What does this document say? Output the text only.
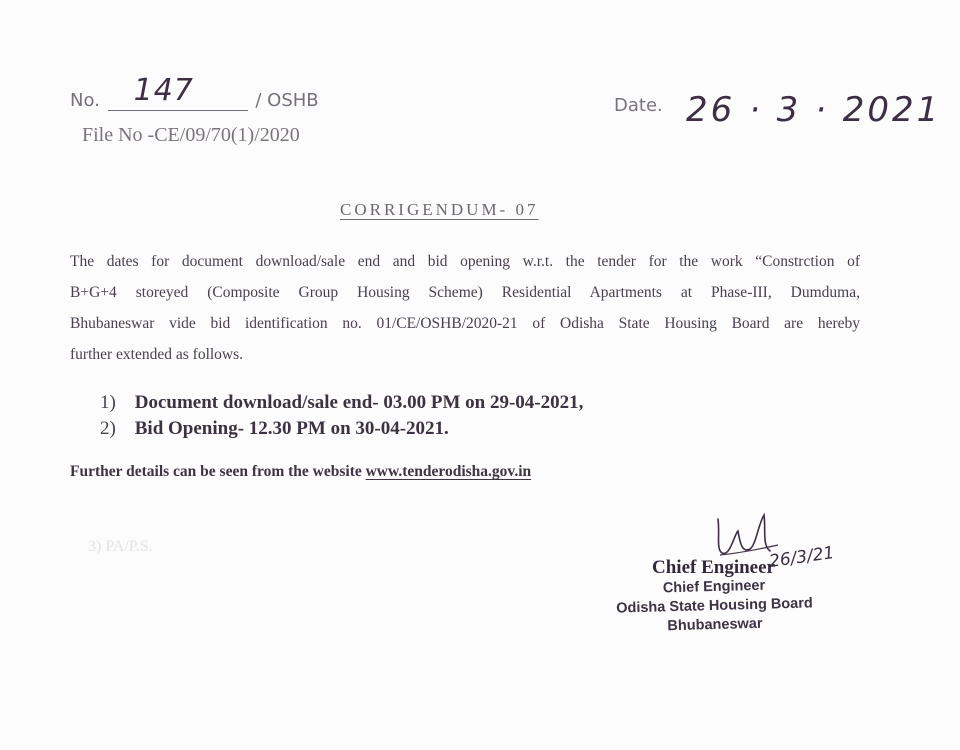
No. 147	/ OSHB
File No -CE/09/70(1)/2020
Date. 26 · 3 · 2021
CORRIGENDUM- 07

The dates for document download/sale end and bid opening w.r.t. the tender for the work “Constrction of
B+G+4 storeyed (Composite Group Housing Scheme) Residential Apartments at Phase-III, Dumduma,
Bhubaneswar vide bid identification no. 01/CE/OSHB/2020-21 of Odisha State Housing Board are hereby
further extended as follows.

1) Document download/sale end- 03.00 PM on 29-04-2021,
2) Bid Opening- 12.30 PM on 30-04-2021.
Further details can be seen from the website www.tenderodisha.gov.in
3) PA/P.S.	26/3/21
Chief Engineer
Chief Engineer
Odisha State Housing Board
Bhubaneswar
